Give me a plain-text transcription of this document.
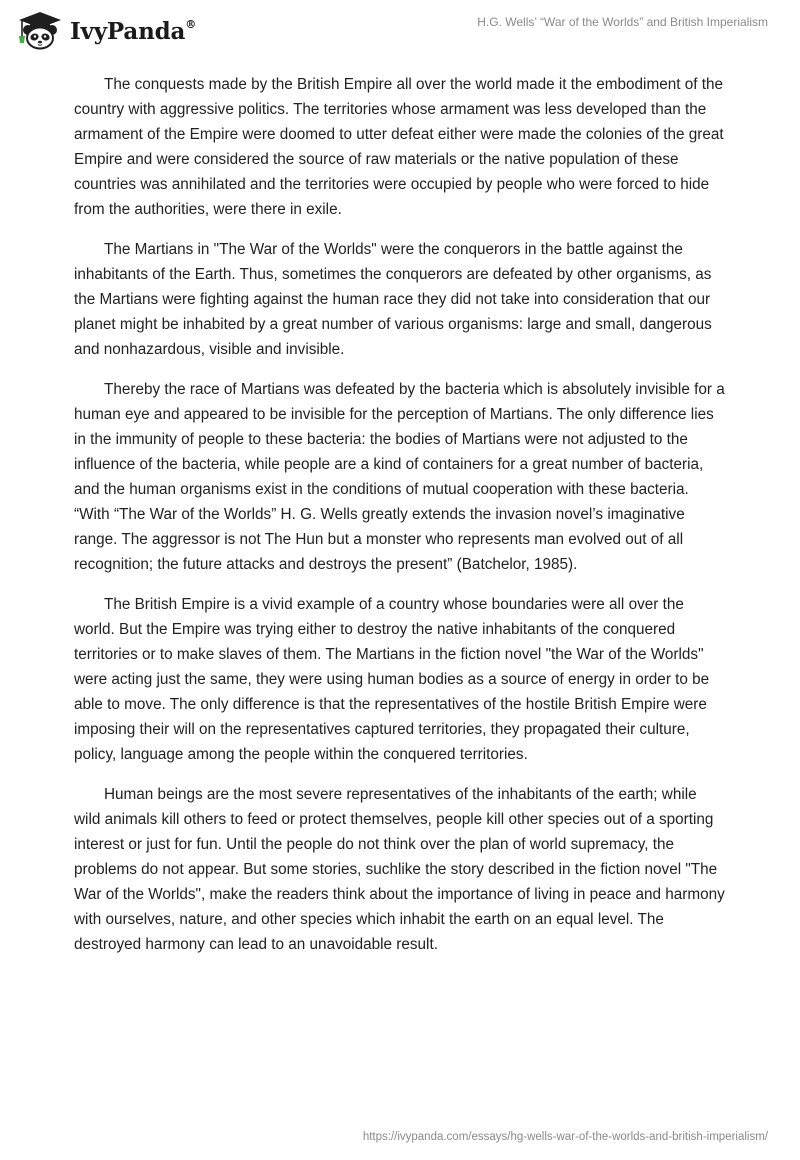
IvyPanda®	H.G. Wells’ “War of the Worlds” and British Imperialism

The conquests made by the British Empire all over the world made it the embodiment of the country with aggressive politics. The territories whose armament was less developed than the armament of the Empire were doomed to utter defeat either were made the colonies of the great Empire and were considered the source of raw materials or the native population of these countries was annihilated and the territories were occupied by people who were forced to hide from the authorities, were there in exile.

The Martians in "The War of the Worlds" were the conquerors in the battle against the inhabitants of the Earth. Thus, sometimes the conquerors are defeated by other organisms, as the Martians were fighting against the human race they did not take into consideration that our planet might be inhabited by a great number of various organisms: large and small, dangerous and nonhazardous, visible and invisible.

Thereby the race of Martians was defeated by the bacteria which is absolutely invisible for a human eye and appeared to be invisible for the perception of Martians. The only difference lies in the immunity of people to these bacteria: the bodies of Martians were not adjusted to the influence of the bacteria, while people are a kind of containers for a great number of bacteria, and the human organisms exist in the conditions of mutual cooperation with these bacteria. “With “The War of the Worlds” H. G. Wells greatly extends the invasion novel’s imaginative range. The aggressor is not The Hun but a monster who represents man evolved out of all recognition; the future attacks and destroys the present” (Batchelor, 1985).

The British Empire is a vivid example of a country whose boundaries were all over the world. But the Empire was trying either to destroy the native inhabitants of the conquered territories or to make slaves of them. The Martians in the fiction novel "the War of the Worlds" were acting just the same, they were using human bodies as a source of energy in order to be able to move. The only difference is that the representatives of the hostile British Empire were imposing their will on the representatives captured territories, they propagated their culture, policy, language among the people within the conquered territories.

Human beings are the most severe representatives of the inhabitants of the earth; while wild animals kill others to feed or protect themselves, people kill other species out of a sporting interest or just for fun. Until the people do not think over the plan of world supremacy, the problems do not appear. But some stories, suchlike the story described in the fiction novel "The War of the Worlds", make the readers think about the importance of living in peace and harmony with ourselves, nature, and other species which inhabit the earth on an equal level. The destroyed harmony can lead to an unavoidable result.

https://ivypanda.com/essays/hg-wells-war-of-the-worlds-and-british-imperialism/
